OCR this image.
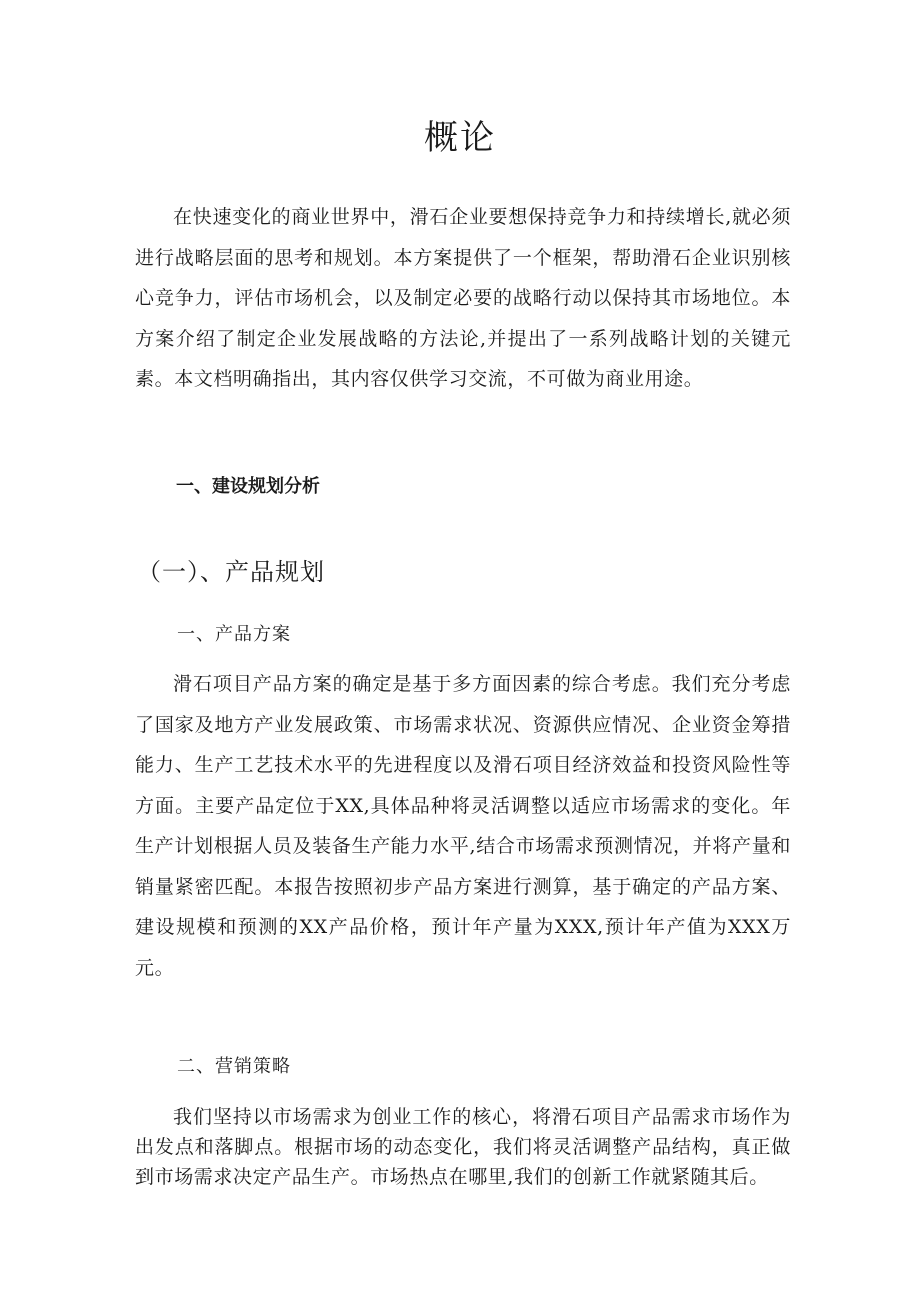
概论

在快速变化的商业世界中，滑石企业要想保持竞争力和持续增长,就必须进行战略层面的思考和规划。本方案提供了一个框架，帮助滑石企业识别核心竞争力，评估市场机会，以及制定必要的战略行动以保持其市场地位。本方案介绍了制定企业发展战略的方法论,并提出了一系列战略计划的关键元素。本文档明确指出，其内容仅供学习交流，不可做为商业用途。

一、建设规划分析
（一）、产品规划
一、产品方案

滑石项目产品方案的确定是基于多方面因素的综合考虑。我们充分考虑了国家及地方产业发展政策、市场需求状况、资源供应情况、企业资金筹措能力、生产工艺技术水平的先进程度以及滑石项目经济效益和投资风险性等方面。主要产品定位于XX,具体品种将灵活调整以适应市场需求的变化。年生产计划根据人员及装备生产能力水平,结合市场需求预测情况，并将产量和销量紧密匹配。本报告按照初步产品方案进行测算，基于确定的产品方案、建设规模和预测的XX产品价格，预计年产量为XXX,预计年产值为XXX万元。

二、营销策略

我们坚持以市场需求为创业工作的核心，将滑石项目产品需求市场作为出发点和落脚点。根据市场的动态变化，我们将灵活调整产品结构，真正做到市场需求决定产品生产。市场热点在哪里,我们的创新工作就紧随其后。
